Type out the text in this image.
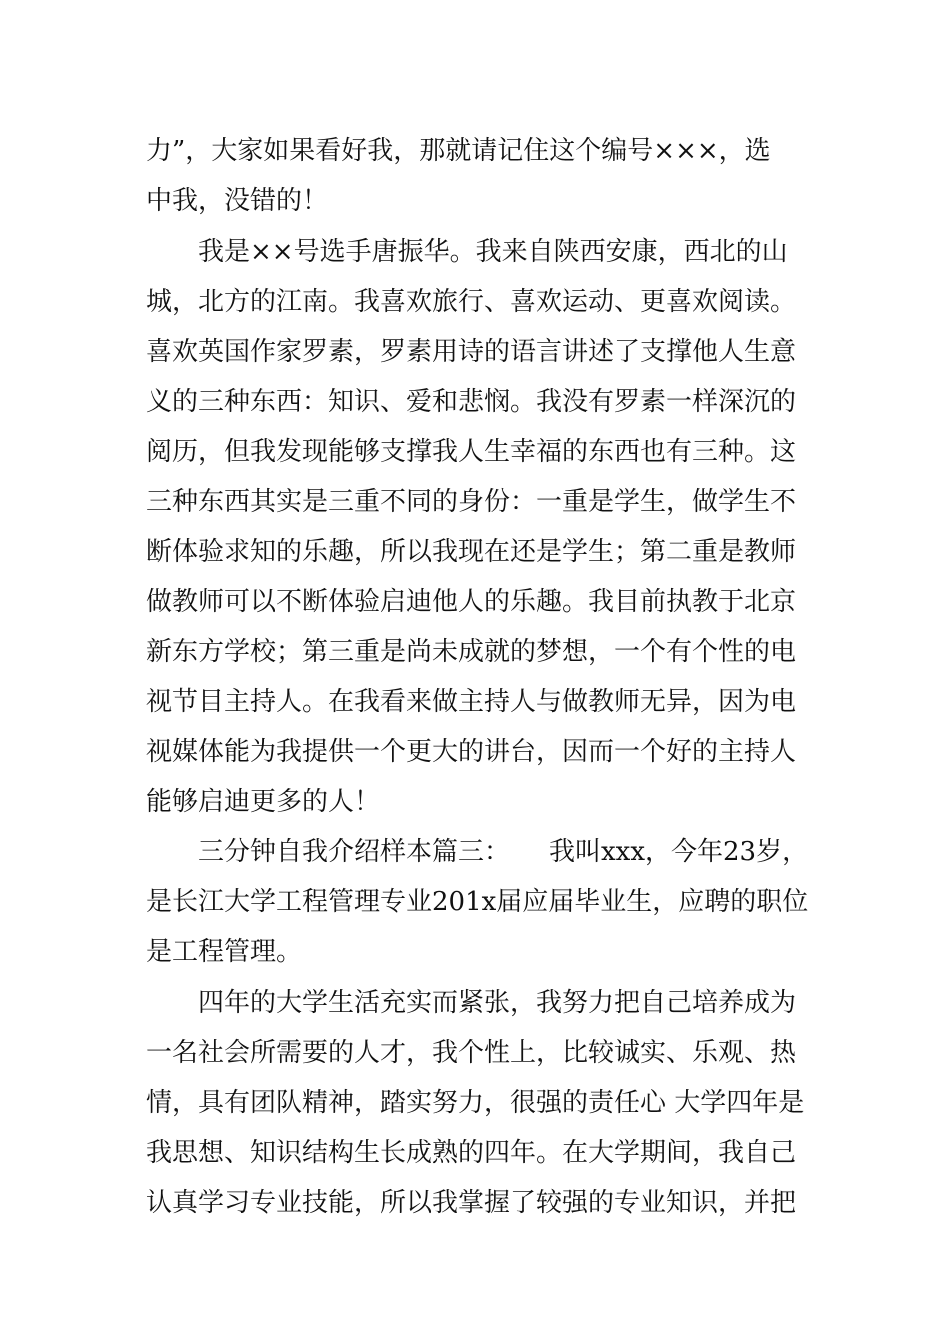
力”，大家如果看好我，那就请记住这个编号×××，选
中我，没错的！
我是××号选手唐振华。我来自陕西安康，西北的山
城，北方的江南。我喜欢旅行、喜欢运动、更喜欢阅读。
喜欢英国作家罗素，罗素用诗的语言讲述了支撑他人生意
义的三种东西：知识、爱和悲悯。我没有罗素一样深沉的
阅历，但我发现能够支撑我人生幸福的东西也有三种。这
三种东西其实是三重不同的身份：一重是学生，做学生不
断体验求知的乐趣，所以我现在还是学生；第二重是教师
做教师可以不断体验启迪他人的乐趣。我目前执教于北京
新东方学校；第三重是尚未成就的梦想，一个有个性的电
视节目主持人。在我看来做主持人与做教师无异，因为电
视媒体能为我提供一个更大的讲台，因而一个好的主持人
能够启迪更多的人！
三分钟自我介绍样本篇三：　　我叫xxx，今年23岁，
是长江大学工程管理专业201x届应届毕业生，应聘的职位
是工程管理。
四年的大学生活充实而紧张，我努力把自己培养成为
一名社会所需要的人才，我个性上，比较诚实、乐观、热
情，具有团队精神，踏实努力，很强的责任心 大学四年是
我思想、知识结构生长成熟的四年。在大学期间，我自己
认真学习专业技能，所以我掌握了较强的专业知识，并把
